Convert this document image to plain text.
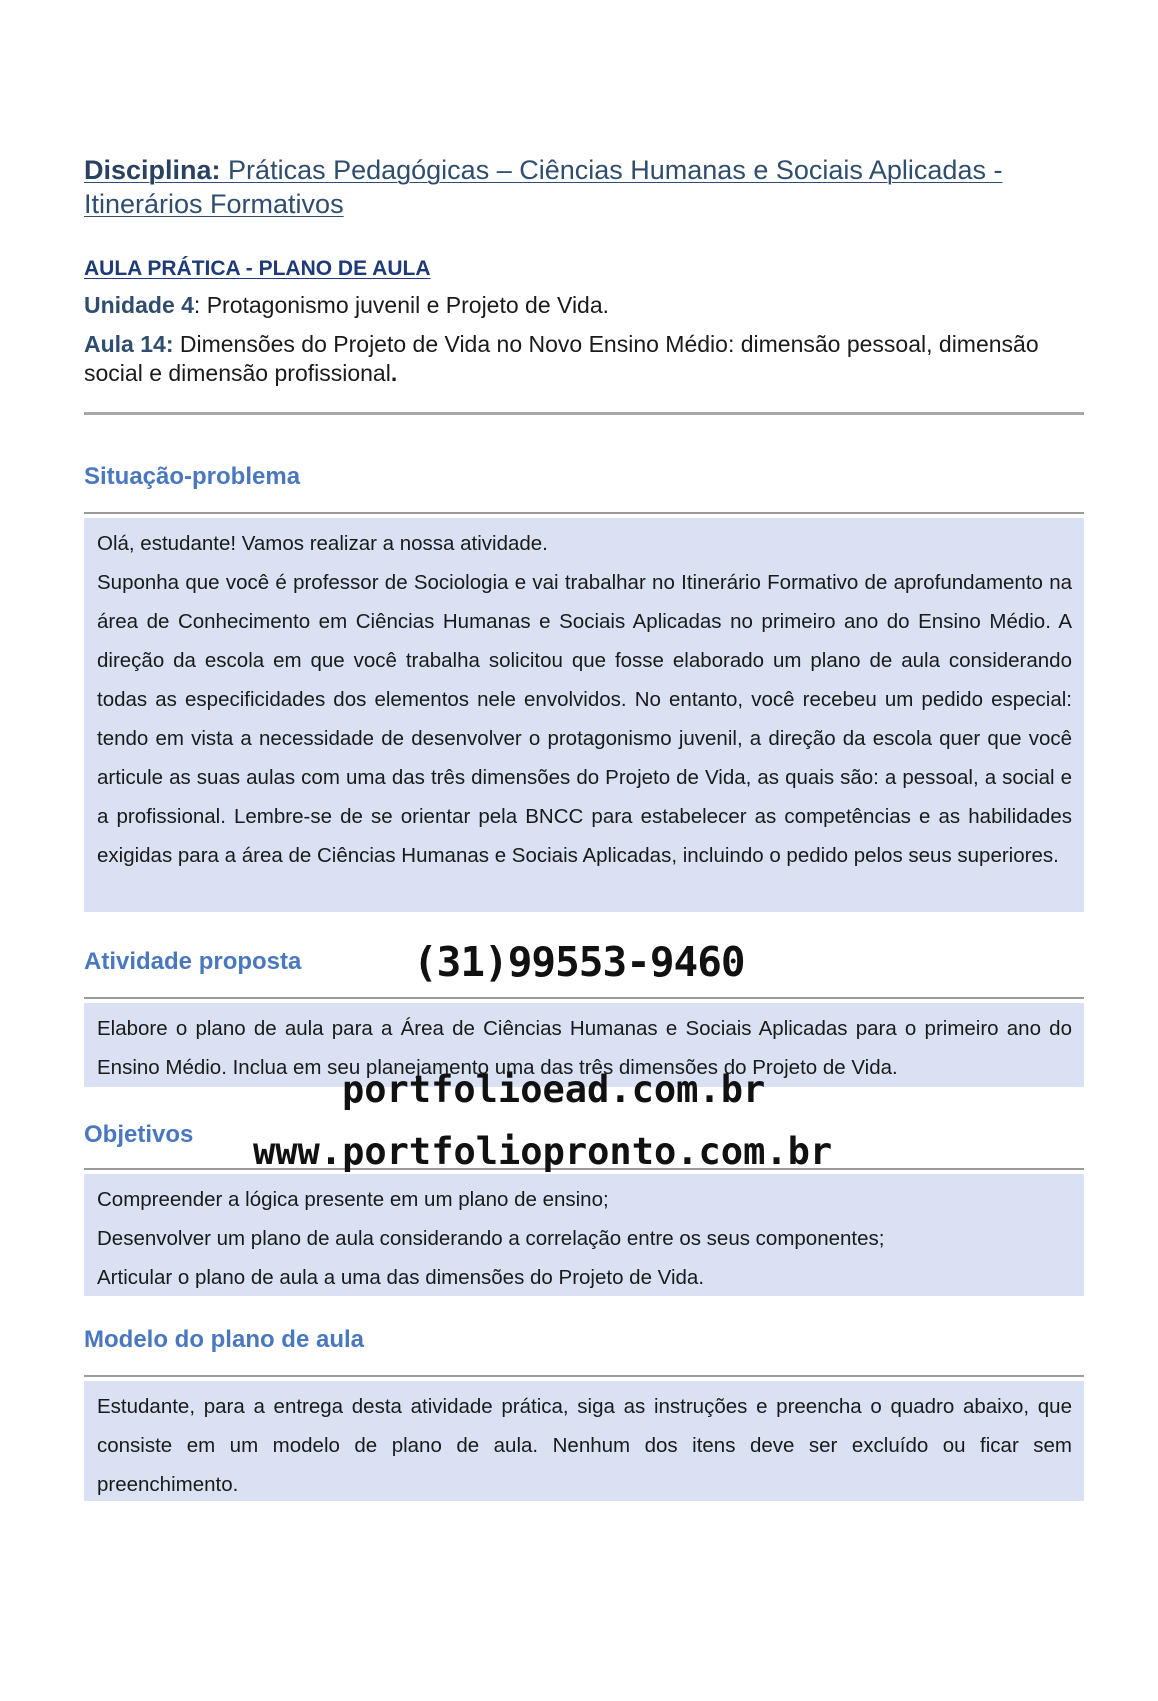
Disciplina: Práticas Pedagógicas – Ciências Humanas e Sociais Aplicadas - Itinerários Formativos
AULA PRÁTICA - PLANO DE AULA
Unidade 4: Protagonismo juvenil e Projeto de Vida.
Aula 14: Dimensões do Projeto de Vida no Novo Ensino Médio: dimensão pessoal, dimensão social e dimensão profissional.
Situação-problema

Olá, estudante! Vamos realizar a nossa atividade.

Suponha que você é professor de Sociologia e vai trabalhar no Itinerário Formativo de aprofundamento na área de Conhecimento em Ciências Humanas e Sociais Aplicadas no primeiro ano do Ensino Médio. A direção da escola em que você trabalha solicitou que fosse elaborado um plano de aula considerando todas as especificidades dos elementos nele envolvidos. No entanto, você recebeu um pedido especial: tendo em vista a necessidade de desenvolver o protagonismo juvenil, a direção da escola quer que você articule as suas aulas com uma das três dimensões do Projeto de Vida, as quais são: a pessoal, a social e a profissional. Lembre-se de se orientar pela BNCC para estabelecer as competências e as habilidades exigidas para a área de Ciências Humanas e Sociais Aplicadas, incluindo o pedido pelos seus superiores.

Atividade proposta

Elabore o plano de aula para a Área de Ciências Humanas e Sociais Aplicadas para o primeiro ano do Ensino Médio. Inclua em seu planejamento uma das três dimensões do Projeto de Vida.

Objetivos

Compreender a lógica presente em um plano de ensino;

Desenvolver um plano de aula considerando a correlação entre os seus componentes;

Articular o plano de aula a uma das dimensões do Projeto de Vida.

Modelo do plano de aula

Estudante, para a entrega desta atividade prática, siga as instruções e preencha o quadro abaixo, que consiste em um modelo de plano de aula. Nenhum dos itens deve ser excluído ou ficar sem preenchimento.

(31)99553-9460
portfolioead.com.br
www.portfoliopronto.com.br
